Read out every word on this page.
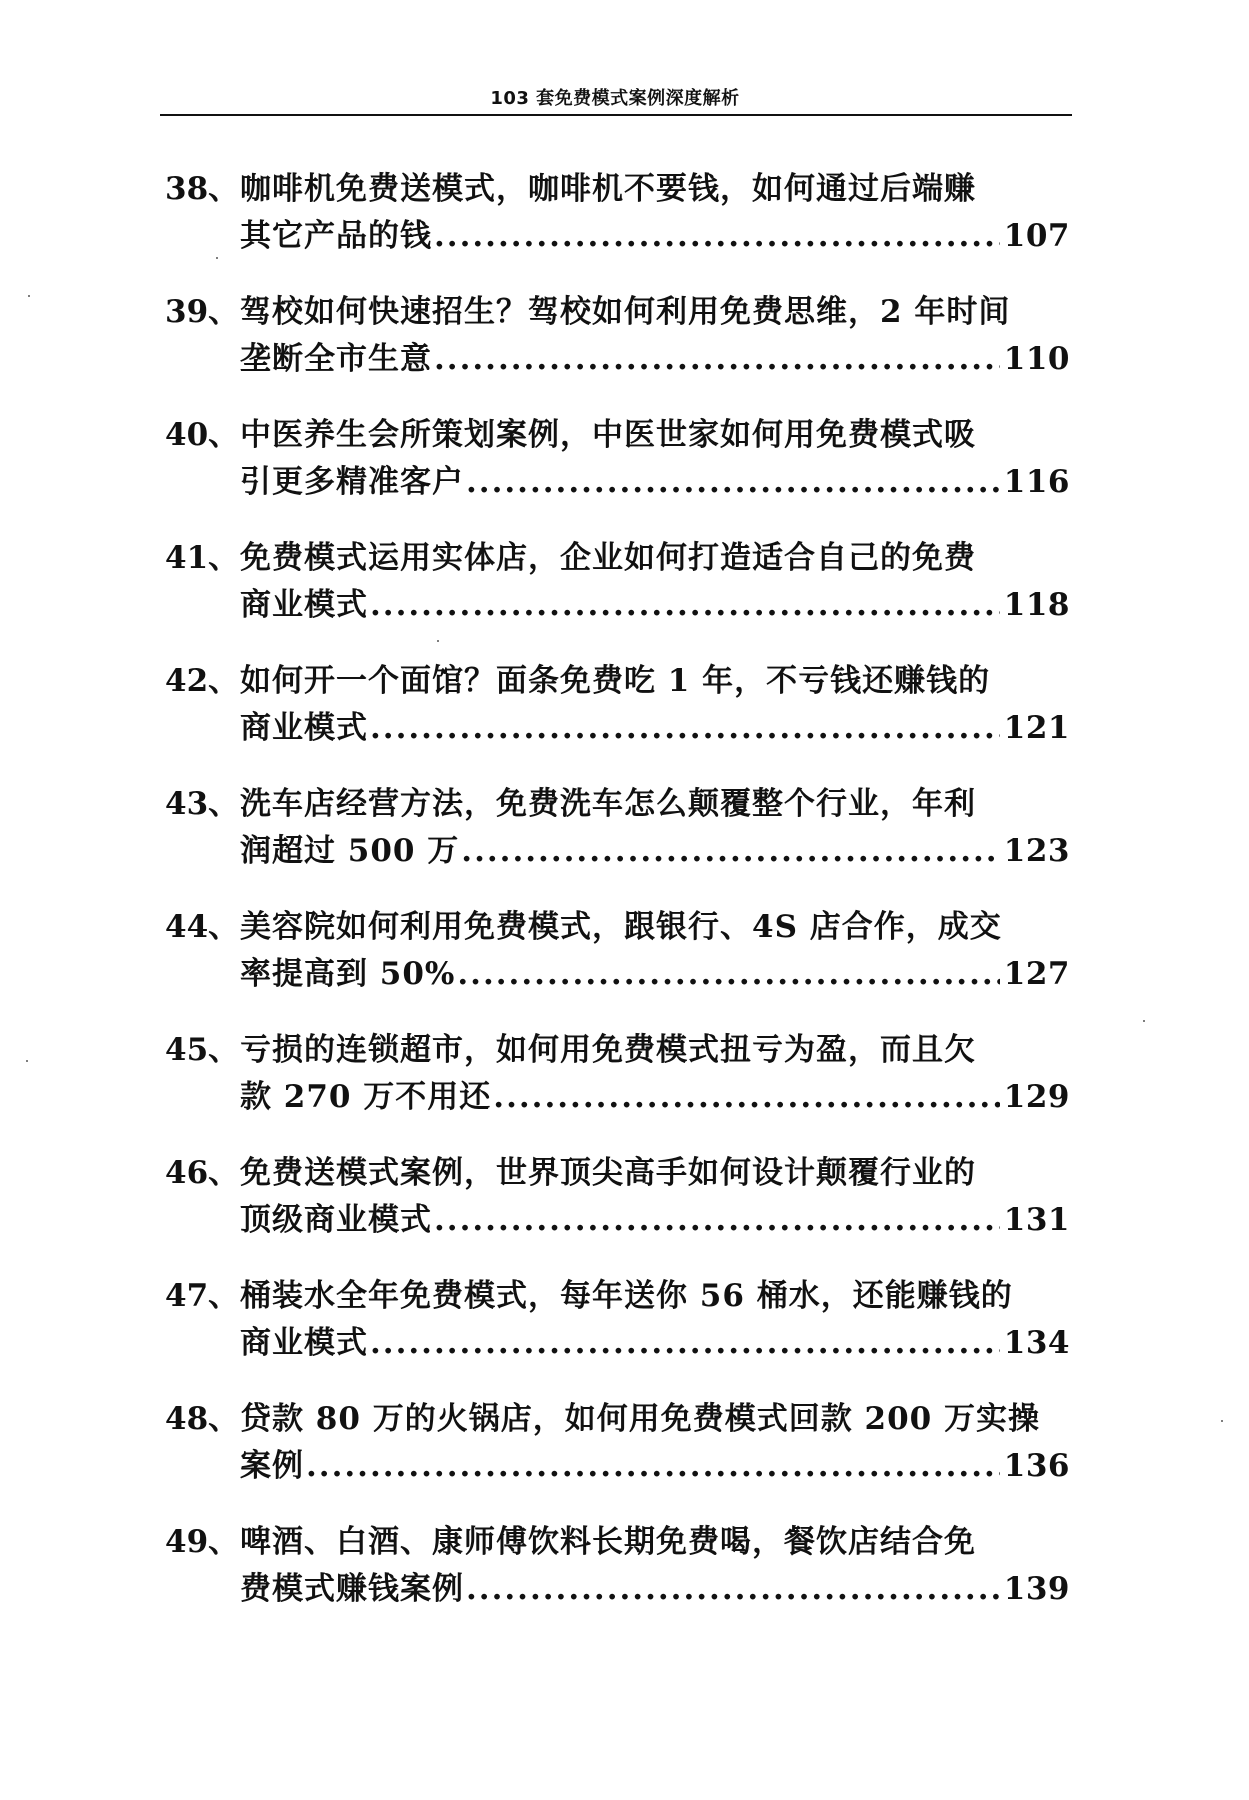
103 套免费模式案例深度解析
38、 咖啡机免费送模式，咖啡机不要钱，如何通过后端赚
其它产品的钱 .....	107
39、 驾校如何快速招生？驾校如何利用免费思维，2 年时间
垄断全市生意 .....	110
40、 中医养生会所策划案例，中医世家如何用免费模式吸
引更多精准客户 .....	116
41、 免费模式运用实体店，企业如何打造适合自己的免费
商业模式 .....	118
42、 如何开一个面馆？面条免费吃 1 年，不亏钱还赚钱的
商业模式 .....	121
43、 洗车店经营方法，免费洗车怎么颠覆整个行业，年利
润超过 500 万 .....	123
44、 美容院如何利用免费模式，跟银行、4S 店合作，成交
率提高到 50% .....	127
45、 亏损的连锁超市，如何用免费模式扭亏为盈，而且欠
款 270 万不用还 .....	129
46、 免费送模式案例，世界顶尖高手如何设计颠覆行业的
顶级商业模式 .....	131
47、 桶装水全年免费模式，每年送你 56 桶水，还能赚钱的
商业模式 .....	134
48、 贷款 80 万的火锅店，如何用免费模式回款 200 万实操
案例 .....	136
49、 啤酒、白酒、康师傅饮料长期免费喝，餐饮店结合免
费模式赚钱案例 .....	139
